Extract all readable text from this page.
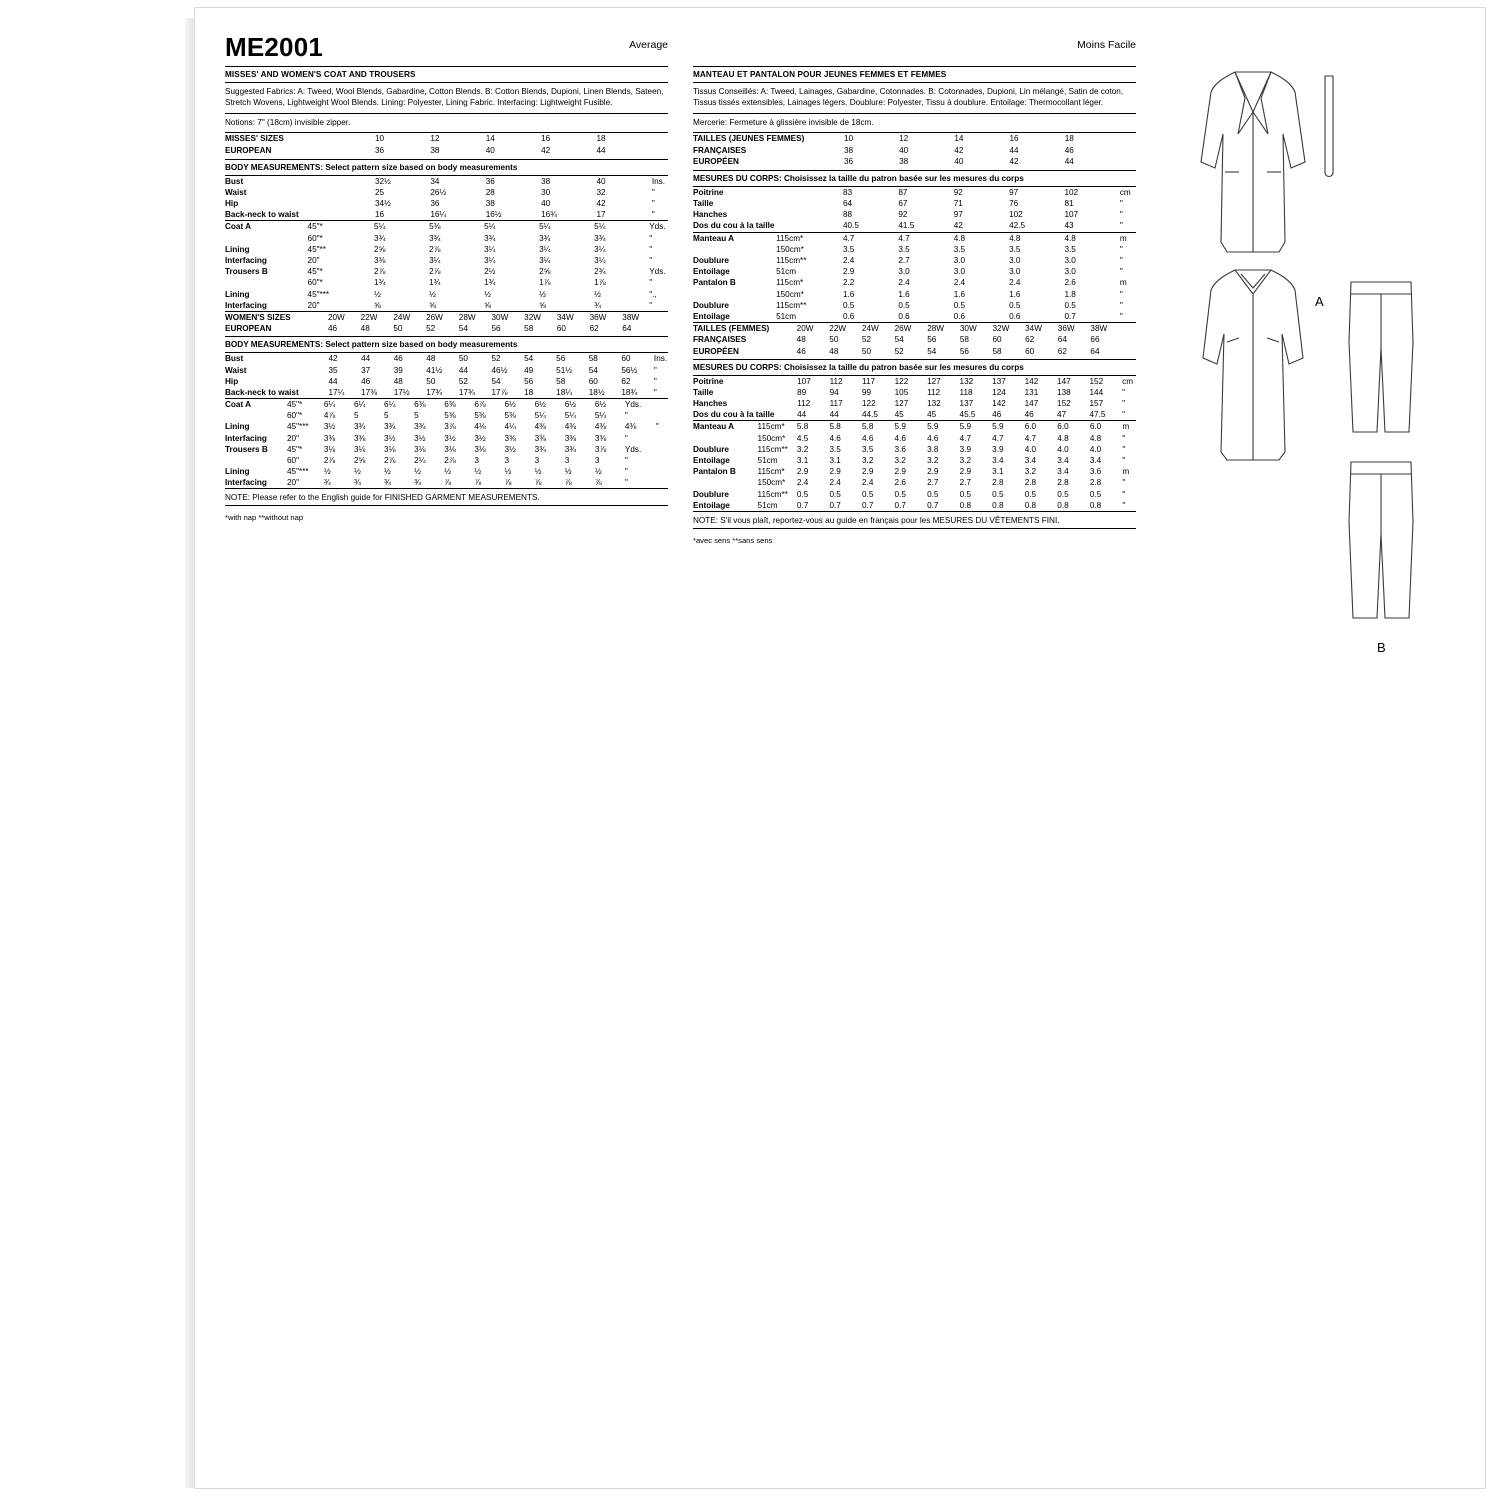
ME2001	Average
MISSES' AND WOMEN'S COAT AND TROUSERS
Suggested Fabrics: A: Tweed, Wool Blends, Gabardine, Cotton Blends. B: Cotton Blends, Dupioni, Linen Blends, Sateen, Stretch Wovens, Lightweight Wool Blends. Lining: Polyester, Lining Fabric. Interfacing: Lightweight Fusible.
Notions: 7" (18cm) invisible zipper.
MISSES' SIZES		10	12	14	16	18	
EUROPEAN		36	38	40	42	44	
BODY MEASUREMENTS: Select pattern size based on body measurements
Bust		32½	34	36	38	40	Ins.
Waist		25	26½	28	30	32	"
Hip		34½	36	38	40	42	"
Back-neck to waist		16	16¼	16½	16¾	17	"
Coat A	45"*	5¼	5⅜	5¼	5¼	5¼	Yds.
	60"*	3¾	3¾	3¾	3¾	3¾	"
Lining	45"**	2⅝	2⅞	3¼	3¼	3¼	"
Interfacing	20"	3⅜	3¼	3¼	3¼	3¼	"
Trousers B	45"*	2⅞	2⅞	2½	2⅝	2¾	Yds.
	60"*	1¾	1¾	1¾	1⅞	1⅞	"
Lining	45"***	½	½	½	½	½	".,
Interfacing	20"	⅝	⅝	⅝	⅝	¾	"
WOMEN'S SIZES		20W	22W	24W	26W	28W	30W	32W	34W	36W	38W	
EUROPEAN		46	48	50	52	54	56	58	60	62	64	
BODY MEASUREMENTS: Select pattern size based on body measurements
Bust		42	44	46	48	50	52	54	56	58	60	Ins.
Waist		35	37	39	41½	44	46½	49	51½	54	56½	"
Hip		44	46	48	50	52	54	56	58	60	62	"
Back-neck to waist		17¼	17⅜	17½	17¾	17¾	17⅞	18	18¼	18½	18¾	"
Coat A	45"*	6¼	6¼	6¼	6⅜	6⅜	6⅞	6½	6½	6½	6½	Yds.	
	60"*	4⅞	5	5	5	5⅜	5⅜	5⅜	5¼	5¼	5¼	"	
Lining	45"***	3½	3¾	3¾	3¾	3⅞	4⅛	4¼	4⅜	4⅜	4⅜	4⅜	"
Interfacing	20"	3⅜	3⅜	3½	3½	3½	3½	3⅜	3⅜	3⅜	3⅜	"	
Trousers B	45"*	3⅛	3⅛	3⅛	3⅛	3⅛	3⅛	3½	3¾	3¾	3⅞	Yds.	
	60"	2⅞	2⅝	2⅞	2¼	2⅞	3	3	3	3	3	"	
Lining	45"***	½	½	½	½	½	½	½	½	½	½	"	
Interfacing	20"	¾	¾	¾	¾	⅞	⅞	⅞	⅞	⅞	⅞	"	
NOTE: Please refer to the English guide for FINISHED GARMENT MEASUREMENTS.
*with nap **without nap
Moins Facile
MANTEAU ET PANTALON POUR JEUNES FEMMES ET FEMMES
Tissus Conseillés: A: Tweed, Lainages, Gabardine, Cotonnades. B: Cotonnades, Dupioni, Lin mélangé, Satin de coton, Tissus tissés extensibles, Lainages légers. Doublure: Polyester, Tissu à doublure. Entoilage: Thermocollant léger.
Mercerie: Fermeture à glissière invisible de 18cm.
TAILLES (JEUNES FEMMES)		10	12	14	16	18	
FRANÇAISES		38	40	42	44	46	
EUROPÉEN		36	38	40	42	44	
MESURES DU CORPS: Choisissez la taille du patron basée sur les mesures du corps
Poitrine		83	87	92	97	102	cm
Taille		64	67	71	76	81	"
Hanches		88	92	97	102	107	"
Dos du cou à la taille		40.5	41.5	42	42.5	43	"
Manteau A	115cm*	4.7	4.7	4.8	4.8	4.8	m
	150cm*	3.5	3.5	3.5	3.5	3.5	"
Doublure	115cm**	2.4	2.7	3.0	3.0	3.0	"
Entoilage	51cm	2.9	3.0	3.0	3.0	3.0	"
Pantalon B	115cm*	2.2	2.4	2.4	2.4	2.6	m
	150cm*	1.6	1.6	1.6	1.6	1.8	"
Doublure	115cm**	0.5	0.5	0.5	0.5	0.5	"
Entoilage	51cm	0.6	0.6	0.6	0.6	0.7	"
TAILLES (FEMMES)		20W	22W	24W	26W	28W	30W	32W	34W	36W	38W	
FRANÇAISES		48	50	52	54	56	58	60	62	64	66	
EUROPÉEN		46	48	50	52	54	56	58	60	62	64	
MESURES DU CORPS: Choisissez la taille du patron basée sur les mesures du corps
Poitrine		107	112	117	122	127	132	137	142	147	152	cm
Taille		89	94	99	105	112	118	124	131	138	144	"
Hanches		112	117	122	127	132	137	142	147	152	157	"
Dos du cou à la taille		44	44	44.5	45	45	45.5	46	46	47	47.5	"
Manteau A	115cm*	5.8	5.8	5.8	5.9	5.9	5.9	5.9	6.0	6.0	6.0	m
	150cm*	4.5	4.6	4.6	4.6	4.6	4.7	4.7	4.7	4.8	4.8	"
Doublure	115cm**	3.2	3.5	3.5	3.6	3.8	3.9	3.9	4.0	4.0	4.0	"
Entoilage	51cm	3.1	3.1	3.2	3.2	3.2	3.2	3.4	3.4	3.4	3.4	"
Pantalon B	115cm*	2.9	2.9	2.9	2.9	2.9	2.9	3.1	3.2	3.4	3.6	m
	150cm*	2.4	2.4	2.4	2.6	2.7	2.7	2.8	2.8	2.8	2.8	"
Doublure	115cm**	0.5	0.5	0.5	0.5	0.5	0.5	0.5	0.5	0.5	0.5	"
Entoilage	51cm	0.7	0.7	0.7	0.7	0.7	0.8	0.8	0.8	0.8	0.8	"
NOTE: S'il vous plaît, reportez-vous au guide en français pour les MESURES DU VÊTEMENTS FINI.
*avec sens **sans sens
A
B
